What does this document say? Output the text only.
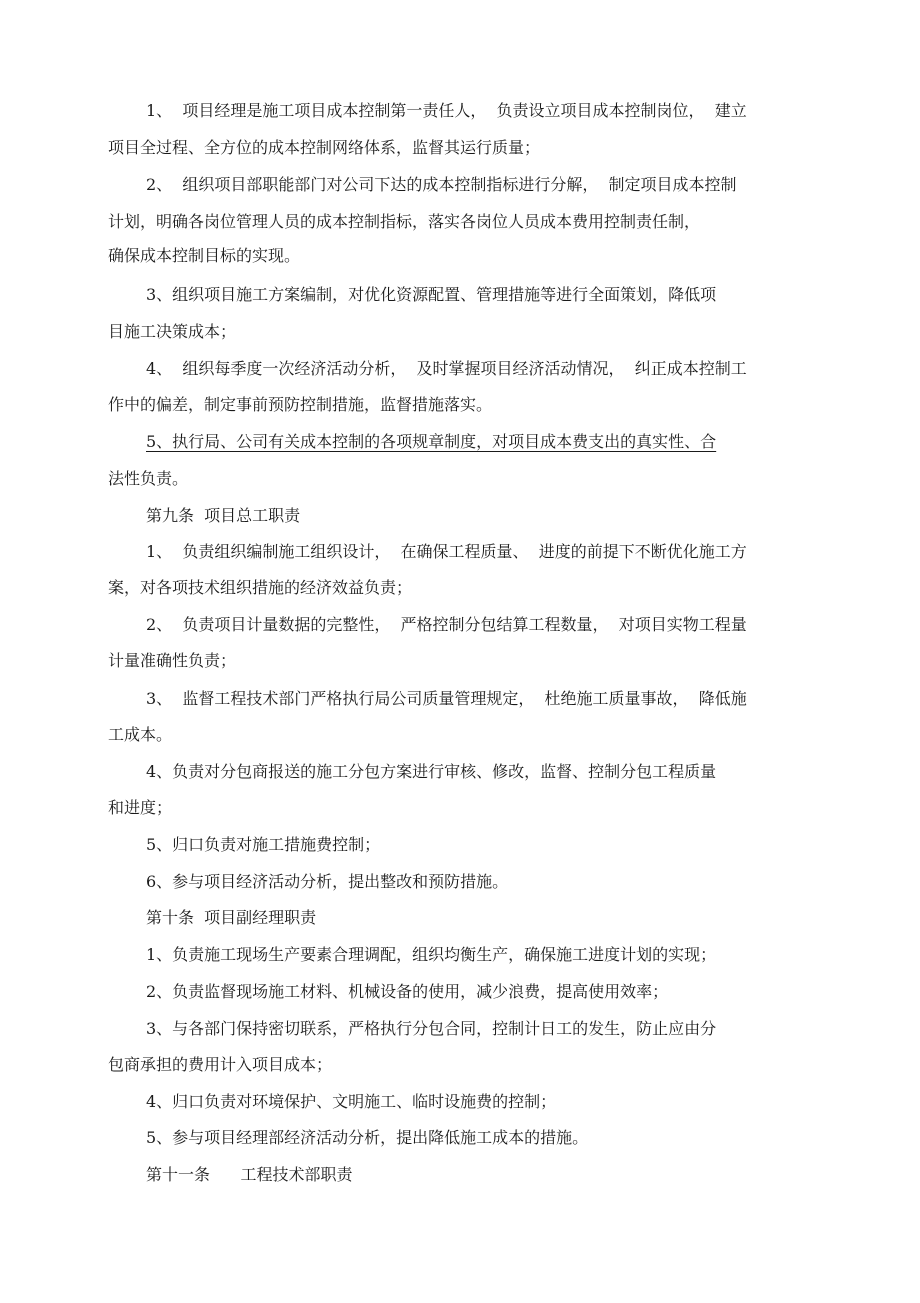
1、  项目经理是施工项目成本控制第一责任人，  负责设立项目成本控制岗位，  建立
项目全过程、全方位的成本控制网络体系，监督其运行质量；
2、  组织项目部职能部门对公司下达的成本控制指标进行分解，  制定项目成本控制
计划，明确各岗位管理人员的成本控制指标，落实各岗位人员成本费用控制责任制，
确保成本控制目标的实现。
3、组织项目施工方案编制，对优化资源配置、管理措施等进行全面策划，降低项
目施工决策成本；
4、  组织每季度一次经济活动分析，  及时掌握项目经济活动情况，  纠正成本控制工
作中的偏差，制定事前预防控制措施，监督措施落实。
5、执行局、公司有关成本控制的各项规章制度，对项目成本费支出的真实性、合
法性负责。
第九条  项目总工职责
1、  负责组织编制施工组织设计，  在确保工程质量、  进度的前提下不断优化施工方
案，对各项技术组织措施的经济效益负责；
2、  负责项目计量数据的完整性，  严格控制分包结算工程数量，  对项目实物工程量
计量准确性负责；
3、  监督工程技术部门严格执行局公司质量管理规定，  杜绝施工质量事故，  降低施
工成本。
4、负责对分包商报送的施工分包方案进行审核、修改，监督、控制分包工程质量
和进度；
5、归口负责对施工措施费控制；
6、参与项目经济活动分析，提出整改和预防措施。
第十条  项目副经理职责
1、负责施工现场生产要素合理调配，组织均衡生产，确保施工进度计划的实现；
2、负责监督现场施工材料、机械设备的使用，减少浪费，提高使用效率；
3、与各部门保持密切联系，严格执行分包合同，控制计日工的发生，防止应由分
包商承担的费用计入项目成本；
4、归口负责对环境保护、文明施工、临时设施费的控制；
5、参与项目经理部经济活动分析，提出降低施工成本的措施。
第十一条      工程技术部职责
